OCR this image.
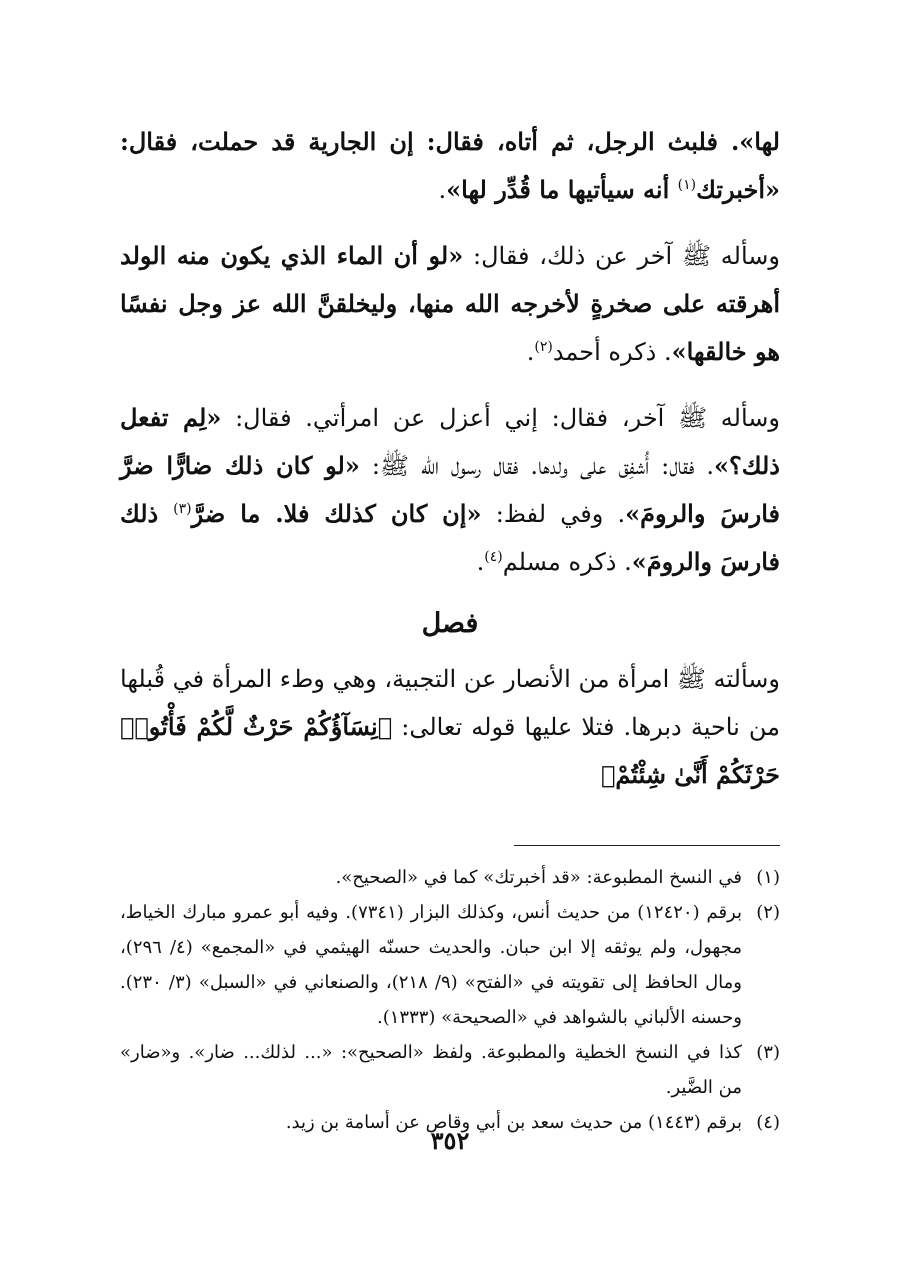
لها». فلبث الرجل، ثم أتاه، فقال: إن الجارية قد حملت، فقال: «أخبرتك$^{(١)}$ أنه سيأتيها ما قُدِّر لها».

وسأله ﷺ آخر عن ذلك، فقال: «لو أن الماء الذي يكون منه الولد أهرقته على صخرةٍ لأخرجه الله منها، وليخلقنَّ الله عز وجل نفسًا هو خالقها». ذكره أحمد$^{(٢)}$.

وسأله ﷺ آخر، فقال: إني أعزل عن امرأتي. فقال: «لِم تفعل ذلك؟». فقال: أُشفِق على ولدها. فقال رسول الله ﷺ: «لو كان ذلك ضارًّا ضرَّ فارسَ والرومَ». وفي لفظ: «إن كان كذلك فلا. ما ضرَّ$^{(٣)}$ ذلك فارسَ والرومَ». ذكره مسلم$^{(٤)}$.

فصل

وسألته ﷺ امرأة من الأنصار عن التجبية، وهي وطء المرأة في قُبلها من ناحية دبرها. فتلا عليها قوله تعالى: ﴿نِسَآؤُكُمْ حَرْثٌ لَّكُمْ فَأْتُوا۟ حَرْثَكُمْ أَنَّىٰ شِئْتُمْ﴾

(١)
في النسخ المطبوعة: «قد أخبرتك» كما في «الصحيح».
(٢)
برقم (١٢٤٢٠) من حديث أنس، وكذلك البزار (٧٣٤١). وفيه أبو عمرو مبارك الخياط، مجهول، ولم يوثقه إلا ابن حبان. والحديث حسنّه الهيثمي في «المجمع» (٤/ ٢٩٦)، ومال الحافظ إلى تقويته في «الفتح» (٩/ ٢١٨)، والصنعاني في «السبل» (٣/ ٢٣٠). وحسنه الألباني بالشواهد في «الصحيحة» (١٣٣٣).
(٣)
كذا في النسخ الخطية والمطبوعة. ولفظ «الصحيح»: «... لذلك... ضار». و«ضار» من الضَّير.
(٤)
برقم (١٤٤٣) من حديث سعد بن أبي وقاص عن أسامة بن زيد.
٣٥٢
